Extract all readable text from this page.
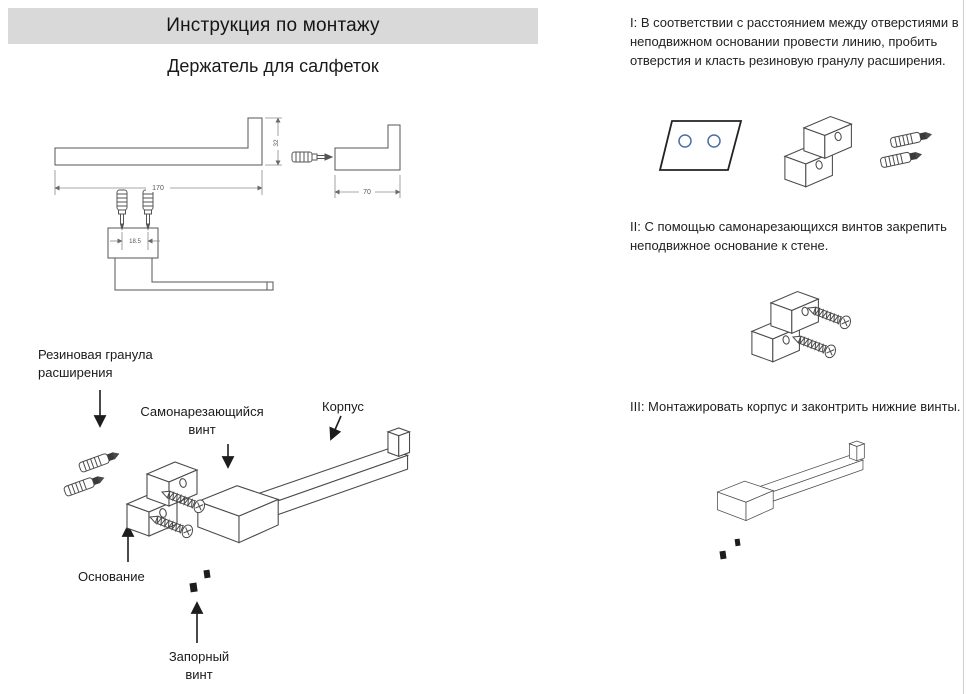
Инструкция по монтажу
Держатель для салфеток
170
32
70
18.5
Резиновая гранула расширения
Самонарезающийся винт
Корпус
Основание
Запорный винт
I: В соответствии с расстоянием между отверстиями в неподвижном основании провести линию, пробить отверстия и класть резиновую гранулу расширения.
II: С помощью самонарезающихся винтов закрепить неподвижное основание к стене.
III: Монтажировать корпус и законтрить нижние винты.
